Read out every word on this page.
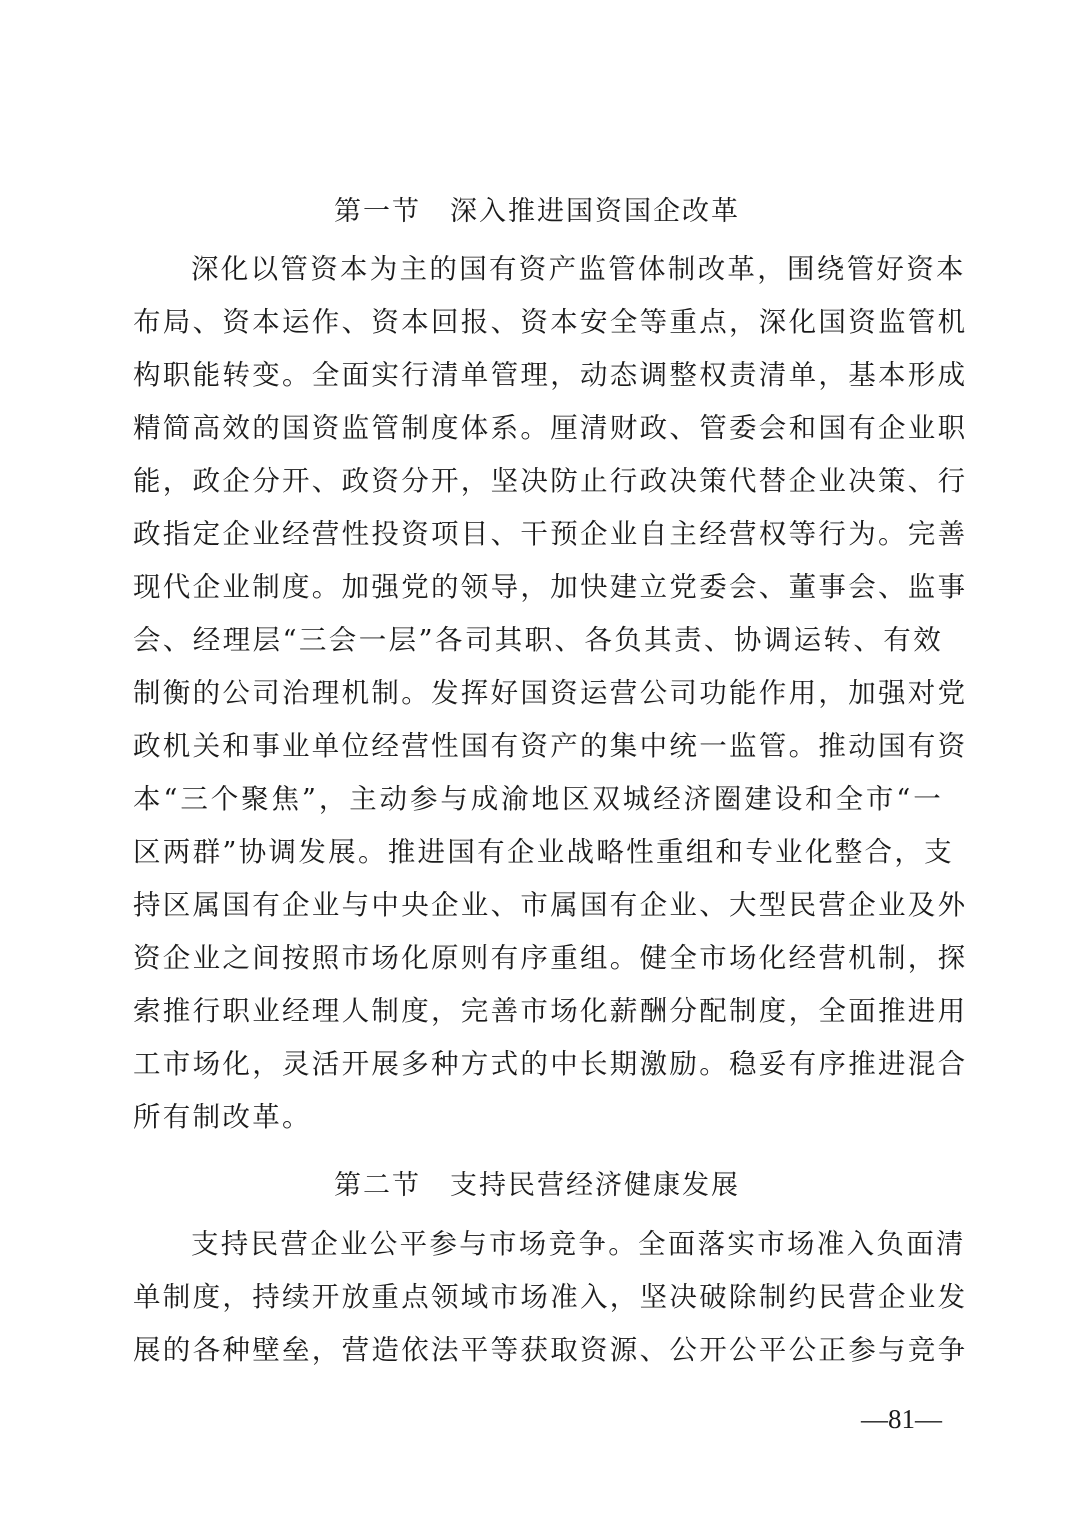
第一节　深入推进国资国企改革
深化以管资本为主的国有资产监管体制改革，围绕管好资本
布局、资本运作、资本回报、资本安全等重点，深化国资监管机
构职能转变。全面实行清单管理，动态调整权责清单，基本形成
精简高效的国资监管制度体系。厘清财政、管委会和国有企业职
能，政企分开、政资分开，坚决防止行政决策代替企业决策、行
政指定企业经营性投资项目、干预企业自主经营权等行为。完善
现代企业制度。加强党的领导，加快建立党委会、董事会、监事
会、经理层“三会一层”各司其职、各负其责、协调运转、有效
制衡的公司治理机制。发挥好国资运营公司功能作用，加强对党
政机关和事业单位经营性国有资产的集中统一监管。推动国有资
本“三个聚焦”，主动参与成渝地区双城经济圈建设和全市“一
区两群”协调发展。推进国有企业战略性重组和专业化整合，支
持区属国有企业与中央企业、市属国有企业、大型民营企业及外
资企业之间按照市场化原则有序重组。健全市场化经营机制，探
索推行职业经理人制度，完善市场化薪酬分配制度，全面推进用
工市场化，灵活开展多种方式的中长期激励。稳妥有序推进混合
所有制改革。
第二节　支持民营经济健康发展
支持民营企业公平参与市场竞争。全面落实市场准入负面清
单制度，持续开放重点领域市场准入，坚决破除制约民营企业发
展的各种壁垒，营造依法平等获取资源、公开公平公正参与竞争
—81—
